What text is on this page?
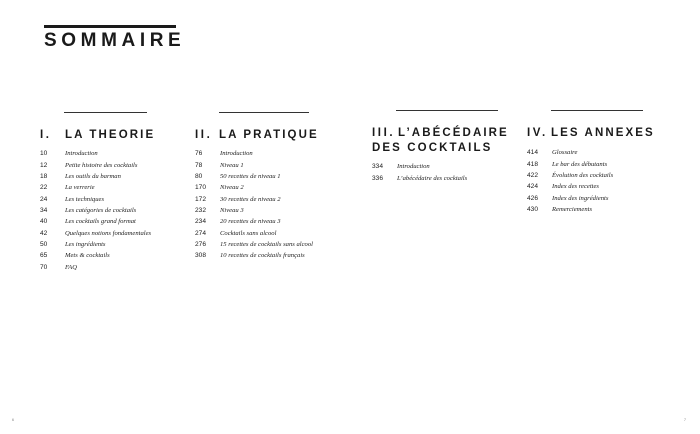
SOMMAIRE
I. LA THEORIE
10	Introduction
12	Petite histoire des cocktails
18	Les outils du barman
22	La verrerie
24	Les techniques
34	Les catégories de cocktails
40	Les cocktails grand format
42	Quelques notions fondamentales
50	Les ingrédients
65	Mets & cocktails
70	FAQ
II. LA PRATIQUE
76	Introduction
78	Niveau 1
80	50 recettes de niveau 1
170	Niveau 2
172	30 recettes de niveau 2
232	Niveau 3
234	20 recettes de niveau 3
274	Cocktails sans alcool
276	15 recettes de cocktails sans alcool
308	10 recettes de cocktails français
III. L’ABÉCÉDAIRE
DES COCKTAILS
334	Introduction
336	L’abécédaire des cocktails
IV. LES ANNEXES
414	Glossaire
418	Le bar des débutants
422	Évolution des cocktails
424	Index des recettes
426	Index des ingrédients
430	Remerciements
6	7
